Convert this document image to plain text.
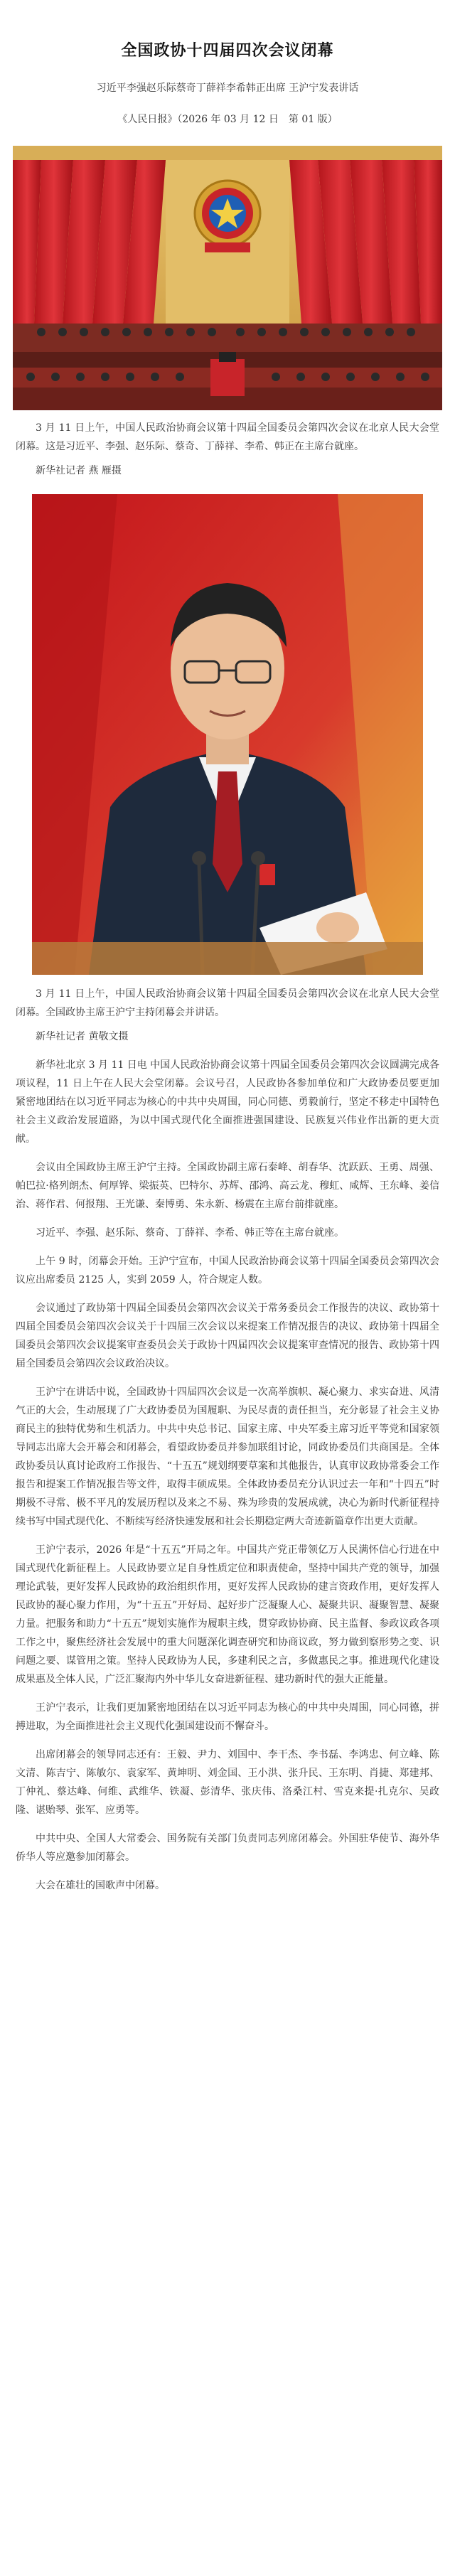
全国政协十四届四次会议闭幕
习近平李强赵乐际蔡奇丁薛祥李希韩正出席 王沪宁发表讲话
《人民日报》（2026 年 03 月 12 日　第 01 版）

3 月 11 日上午，中国人民政治协商会议第十四届全国委员会第四次会议在北京人民大会堂闭幕。这是习近平、李强、赵乐际、蔡奇、丁薛祥、李希、韩正在主席台就座。

新华社记者 燕 雁摄

3 月 11 日上午，中国人民政治协商会议第十四届全国委员会第四次会议在北京人民大会堂闭幕。全国政协主席王沪宁主持闭幕会并讲话。

新华社记者 黄敬文摄

新华社北京 3 月 11 日电 中国人民政治协商会议第十四届全国委员会第四次会议圆满完成各项议程，11 日上午在人民大会堂闭幕。会议号召，人民政协各参加单位和广大政协委员要更加紧密地团结在以习近平同志为核心的中共中央周围，同心同德、勇毅前行，坚定不移走中国特色社会主义政治发展道路，为以中国式现代化全面推进强国建设、民族复兴伟业作出新的更大贡献。

会议由全国政协主席王沪宁主持。全国政协副主席石泰峰、胡春华、沈跃跃、王勇、周强、帕巴拉·格列朗杰、何厚铧、梁振英、巴特尔、苏辉、邵鸿、高云龙、穆虹、咸辉、王东峰、姜信治、蒋作君、何报翔、王光谦、秦博勇、朱永新、杨震在主席台前排就座。

习近平、李强、赵乐际、蔡奇、丁薛祥、李希、韩正等在主席台就座。

上午 9 时，闭幕会开始。王沪宁宣布，中国人民政治协商会议第十四届全国委员会第四次会议应出席委员 2125 人，实到 2059 人，符合规定人数。

会议通过了政协第十四届全国委员会第四次会议关于常务委员会工作报告的决议、政协第十四届全国委员会第四次会议关于十四届三次会议以来提案工作情况报告的决议、政协第十四届全国委员会第四次会议提案审查委员会关于政协十四届四次会议提案审查情况的报告、政协第十四届全国委员会第四次会议政治决议。

王沪宁在讲话中说，全国政协十四届四次会议是一次高举旗帜、凝心聚力、求实奋进、风清气正的大会，生动展现了广大政协委员为国履职、为民尽责的责任担当，充分彰显了社会主义协商民主的独特优势和生机活力。中共中央总书记、国家主席、中央军委主席习近平等党和国家领导同志出席大会开幕会和闭幕会，看望政协委员并参加联组讨论，同政协委员们共商国是。全体政协委员认真讨论政府工作报告、“十五五”规划纲要草案和其他报告，认真审议政协常委会工作报告和提案工作情况报告等文件，取得丰硕成果。全体政协委员充分认识过去一年和“十四五”时期极不寻常、极不平凡的发展历程以及来之不易、殊为珍贵的发展成就，决心为新时代新征程持续书写中国式现代化、不断续写经济快速发展和社会长期稳定两大奇迹新篇章作出更大贡献。

王沪宁表示，2026 年是“十五五”开局之年。中国共产党正带领亿万人民满怀信心行进在中国式现代化新征程上。人民政协要立足自身性质定位和职责使命，坚持中国共产党的领导，加强理论武装，更好发挥人民政协的政治组织作用，更好发挥人民政协的建言资政作用，更好发挥人民政协的凝心聚力作用，为“十五五”开好局、起好步广泛凝聚人心、凝聚共识、凝聚智慧、凝聚力量。把服务和助力“十五五”规划实施作为履职主线，贯穿政协协商、民主监督、参政议政各项工作之中，聚焦经济社会发展中的重大问题深化调查研究和协商议政，努力做到察形势之变、识问题之要、谋管用之策。坚持人民政协为人民，多建利民之言，多做惠民之事。推进现代化建设成果惠及全体人民，广泛汇聚海内外中华儿女奋进新征程、建功新时代的强大正能量。

王沪宁表示，让我们更加紧密地团结在以习近平同志为核心的中共中央周围，同心同德，拼搏进取，为全面推进社会主义现代化强国建设而不懈奋斗。

出席闭幕会的领导同志还有：王毅、尹力、刘国中、李干杰、李书磊、李鸿忠、何立峰、陈文清、陈吉宁、陈敏尔、袁家军、黄坤明、刘金国、王小洪、张升民、王东明、肖捷、郑建邦、丁仲礼、蔡达峰、何维、武维华、铁凝、彭清华、张庆伟、洛桑江村、雪克来提·扎克尔、吴政隆、谌贻琴、张军、应勇等。

中共中央、全国人大常委会、国务院有关部门负责同志列席闭幕会。外国驻华使节、海外华侨华人等应邀参加闭幕会。

大会在雄壮的国歌声中闭幕。
